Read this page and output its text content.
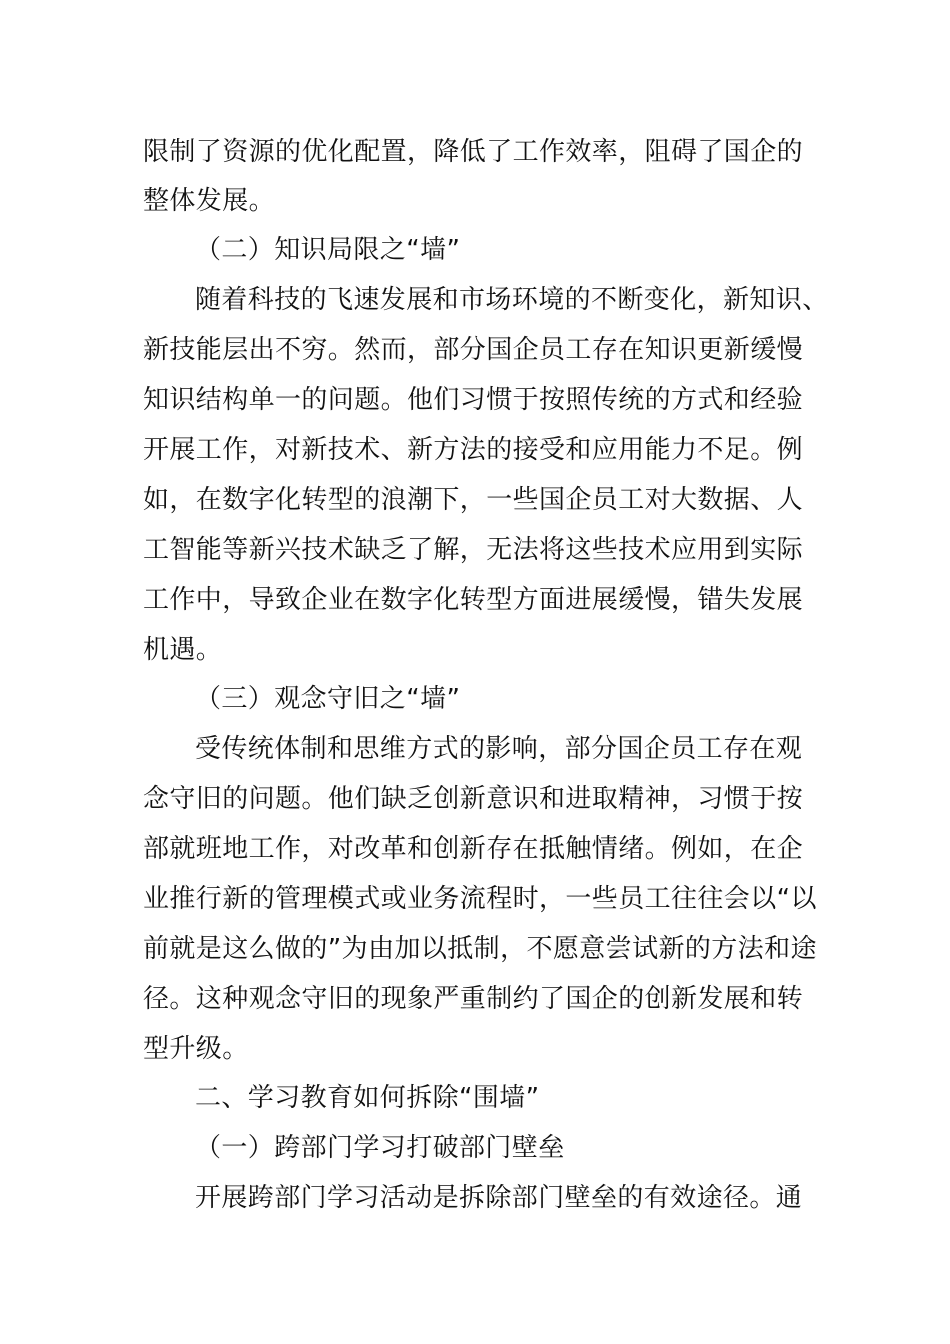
限制了资源的优化配置，降低了工作效率，阻碍了国企的
整体发展。
（二）知识局限之“墙”
随着科技的飞速发展和市场环境的不断变化，新知识、
新技能层出不穷。然而，部分国企员工存在知识更新缓慢
知识结构单一的问题。他们习惯于按照传统的方式和经验
开展工作，对新技术、新方法的接受和应用能力不足。例
如，在数字化转型的浪潮下，一些国企员工对大数据、人
工智能等新兴技术缺乏了解，无法将这些技术应用到实际
工作中，导致企业在数字化转型方面进展缓慢，错失发展
机遇。
（三）观念守旧之“墙”
受传统体制和思维方式的影响，部分国企员工存在观
念守旧的问题。他们缺乏创新意识和进取精神，习惯于按
部就班地工作，对改革和创新存在抵触情绪。例如，在企
业推行新的管理模式或业务流程时，一些员工往往会以“以
前就是这么做的”为由加以抵制，不愿意尝试新的方法和途
径。这种观念守旧的现象严重制约了国企的创新发展和转
型升级。
二、学习教育如何拆除“围墙”
（一）跨部门学习打破部门壁垒
开展跨部门学习活动是拆除部门壁垒的有效途径。通
